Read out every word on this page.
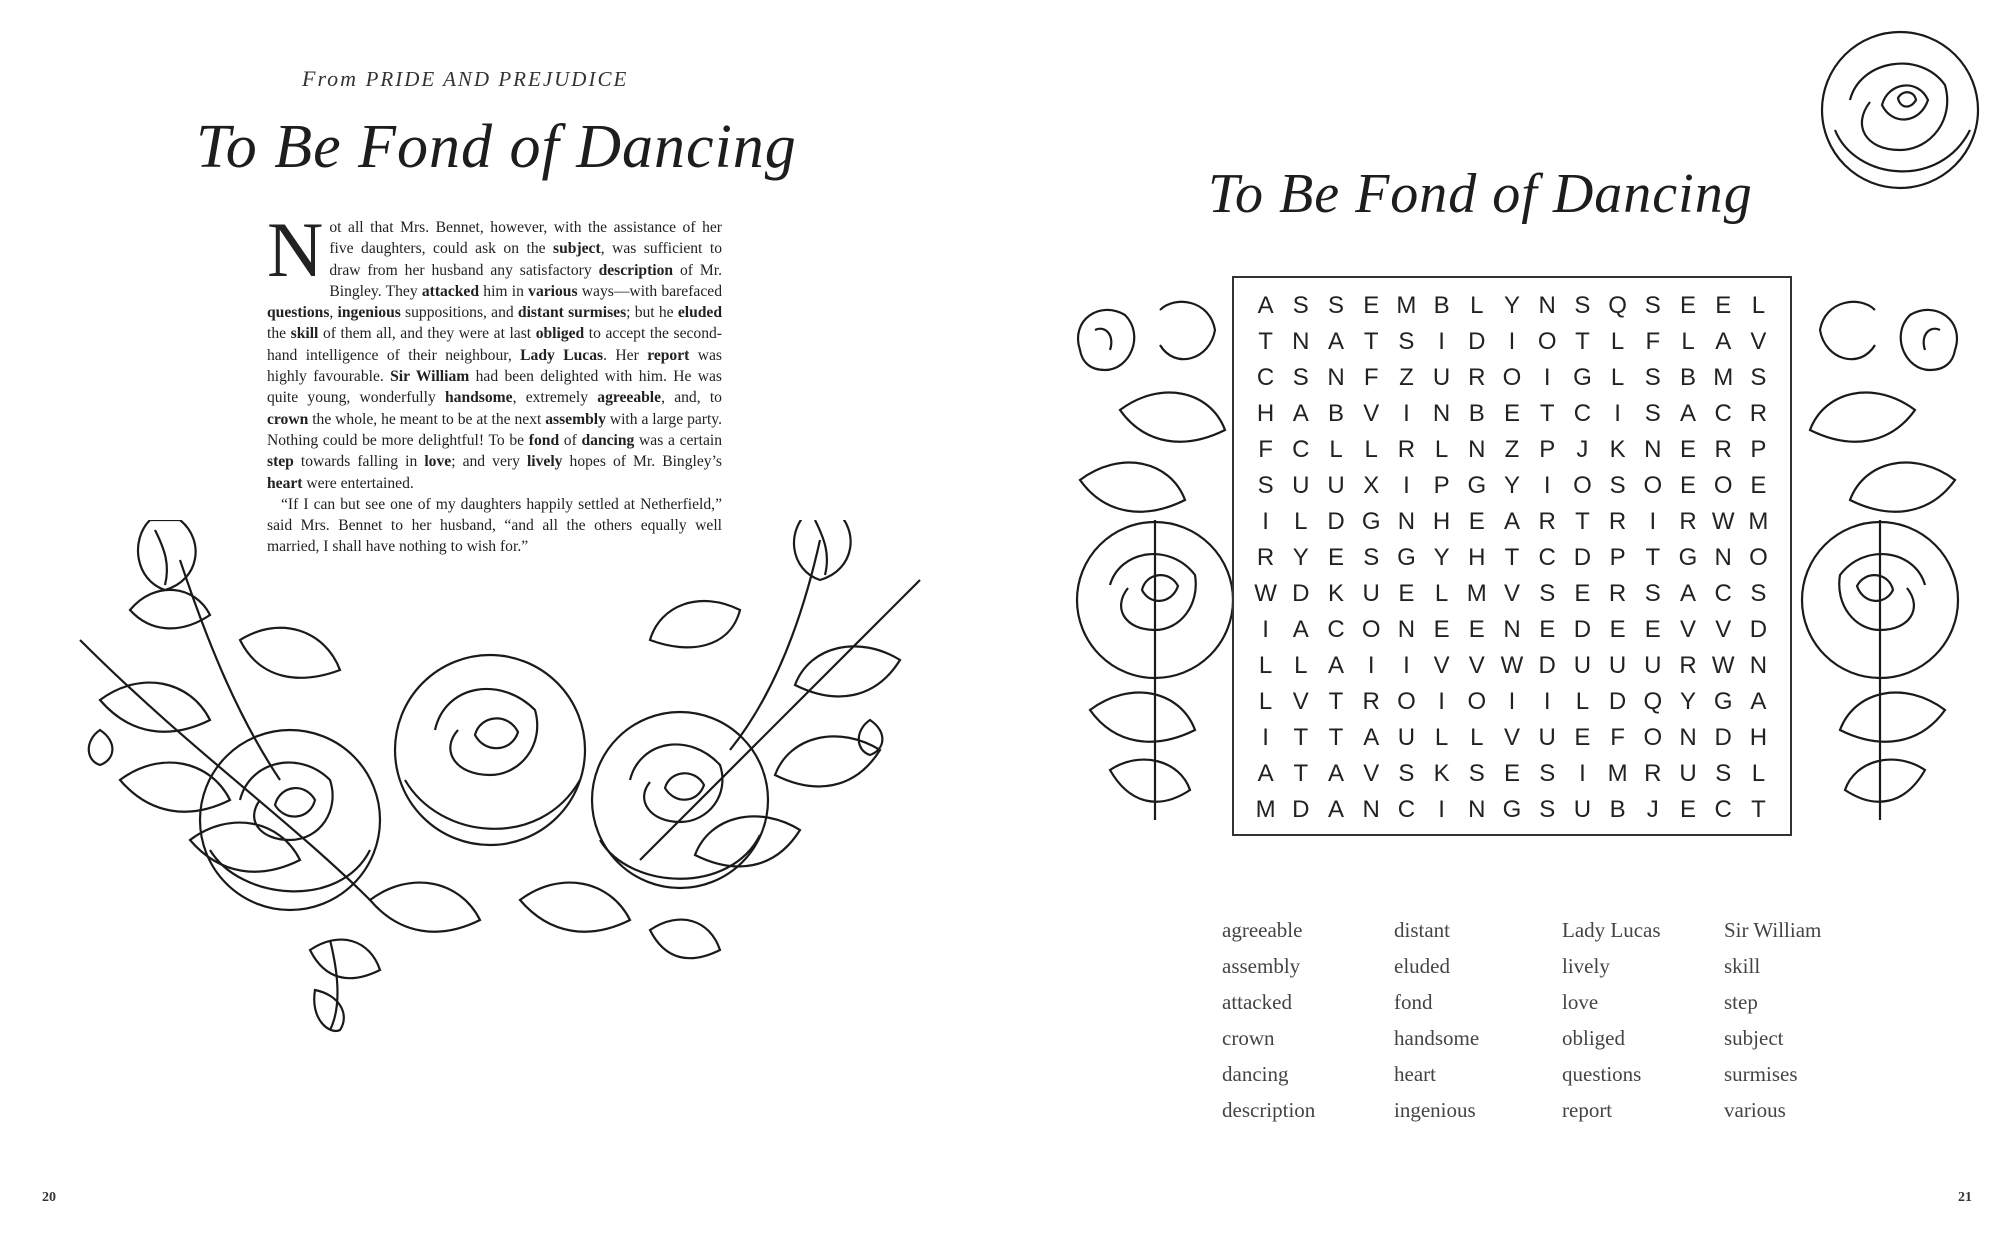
From PRIDE AND PREJUDICE
To Be Fond of Dancing

Not all that Mrs. Bennet, however, with the assistance of her five daughters, could ask on the subject, was sufficient to draw from her husband any satisfactory description of Mr. Bingley. They attacked him in various ways—with barefaced questions, ingenious suppositions, and distant surmises; but he eluded the skill of them all, and they were at last obliged to accept the second-hand intelligence of their neighbour, Lady Lucas. Her report was highly favourable. Sir William had been delighted with him. He was quite young, wonderfully handsome, extremely agreeable, and, to crown the whole, he meant to be at the next assembly with a large party. Nothing could be more delightful! To be fond of dancing was a certain step towards falling in love; and very lively hopes of Mr. Bingley’s heart were entertained.

“If I can but see one of my daughters happily settled at Netherfield,” said Mrs. Bennet to her husband, “and all the others equally well married, I shall have nothing to wish for.”

20
To Be Fond of Dancing
A S S E M B L Y N S Q S E E L
T N A T S I D I O T L F L A V
C S N F Z U R O I G L S B M S
H A B V I N B E T C I S A C R
F C L L R L N Z P J K N E R P
S U U X I P G Y I O S O E O E
I	L D G N H E A R T R I R W M
R Y E S G Y H T C D P T G N O
W D K U E L M V S E R S A C S
I A C O N E E N E D E E V V D
L L A I	I V V W D U U U R W N
L V T R O I O I	I	L D Q Y G A
I	T T A U L L V U E F O N D H
A T A V S K S E S I M R U S L
M D A N C I N G S U B J E C T
agreeable
assembly
attacked
crown
dancing
description
distant
eluded
fond
handsome
heart
ingenious
Lady Lucas
lively
love
obliged
questions
report
Sir William
skill
step
subject
surmises
various
21
